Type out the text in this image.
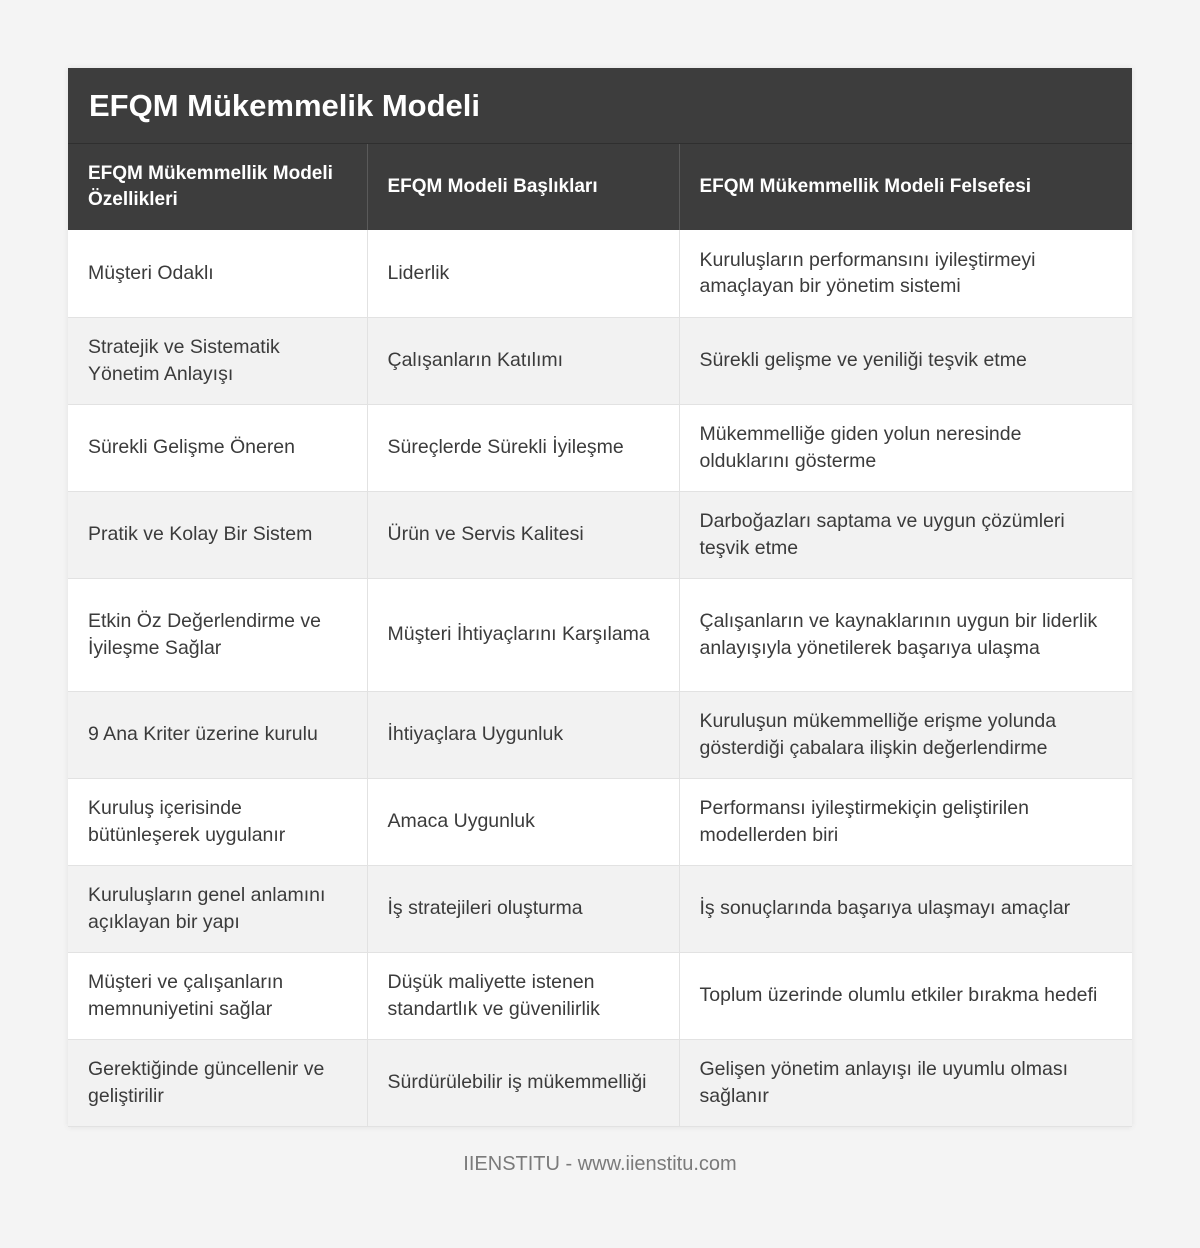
EFQM Mükemmelik Modeli
EFQM Mükemmellik Modeli Özellikleri	EFQM Modeli Başlıkları	EFQM Mükemmellik Modeli Felsefesi
Müşteri Odaklı	Liderlik	Kuruluşların performansını iyileştirmeyi amaçlayan bir yönetim sistemi
Stratejik ve Sistematik Yönetim Anlayışı	Çalışanların Katılımı	Sürekli gelişme ve yeniliği teşvik etme
Sürekli Gelişme Öneren	Süreçlerde Sürekli İyileşme	Mükemmelliğe giden yolun neresinde olduklarını gösterme
Pratik ve Kolay Bir Sistem	Ürün ve Servis Kalitesi	Darboğazları saptama ve uygun çözümleri teşvik etme
Etkin Öz Değerlendirme ve İyileşme Sağlar	Müşteri İhtiyaçlarını Karşılama	Çalışanların ve kaynaklarının uygun bir liderlik anlayışıyla yönetilerek başarıya ulaşma
9 Ana Kriter üzerine kurulu	İhtiyaçlara Uygunluk	Kuruluşun mükemmelliğe erişme yolunda gösterdiği çabalara ilişkin değerlendirme
Kuruluş içerisinde bütünleşerek uygulanır	Amaca Uygunluk	Performansı iyileştirmekiçin geliştirilen modellerden biri
Kuruluşların genel anlamını açıklayan bir yapı	İş stratejileri oluşturma	İş sonuçlarında başarıya ulaşmayı amaçlar
Müşteri ve çalışanların memnuniyetini sağlar	Düşük maliyette istenen standartlık ve güvenilirlik	Toplum üzerinde olumlu etkiler bırakma hedefi
Gerektiğinde güncellenir ve geliştirilir	Sürdürülebilir iş mükemmelliği	Gelişen yönetim anlayışı ile uyumlu olması sağlanır
IIENSTITU - www.iienstitu.com
